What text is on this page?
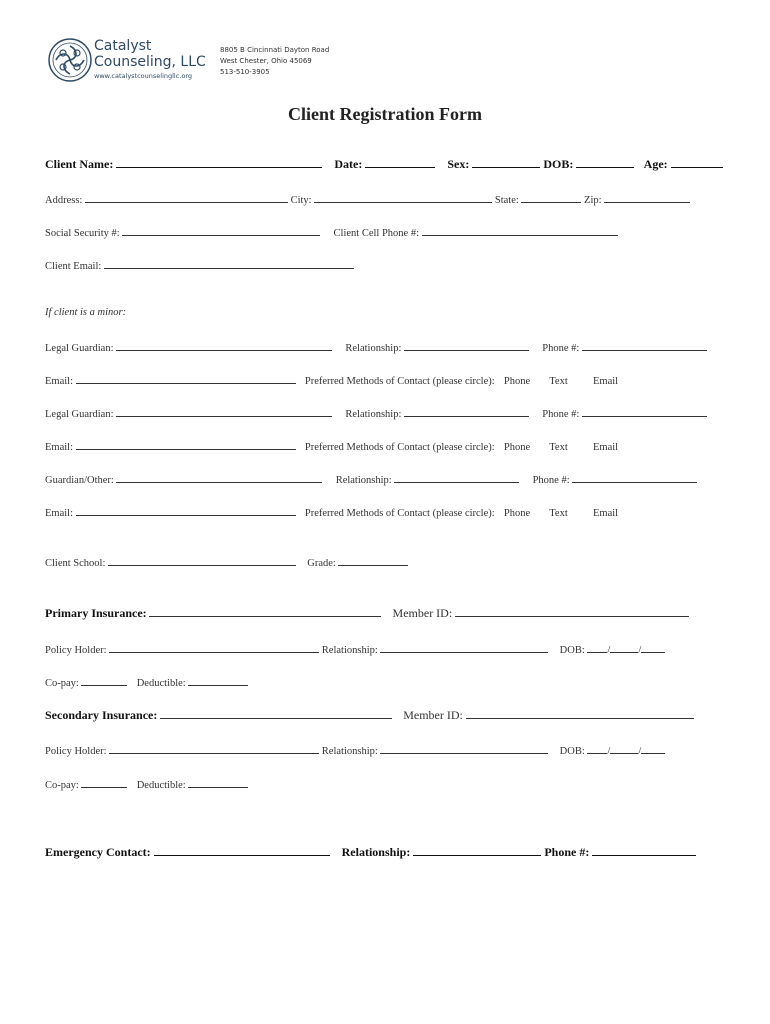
Catalyst
Counseling, LLC
www.catalystcounselingllc.org
8805 B Cincinnati Dayton Road
West Chester, Ohio 45069
513-510-3905
Client Registration Form
Client Name:	Date:	Sex:	DOB:	Age:
Address:	City:	State:	Zip:
Social Security #:	Client Cell Phone #:
Client Email:
If client is a minor:
Legal Guardian:	Relationship:	Phone #:
Email:	Preferred Methods of Contact (please circle): Phone Text Email
Legal Guardian:	Relationship:	Phone #:
Email:	Preferred Methods of Contact (please circle): Phone Text Email
Guardian/Other:	Relationship:	Phone #:
Email:	Preferred Methods of Contact (please circle): Phone Text Email
Client School:	Grade:
Primary Insurance:	Member ID:
Policy Holder:	Relationship:	DOB: /	/
Co-pay:	Deductible:
Secondary Insurance:	Member ID:
Policy Holder:	Relationship:	DOB: /	/
Co-pay:	Deductible:
Emergency Contact:	Relationship:	Phone #:
